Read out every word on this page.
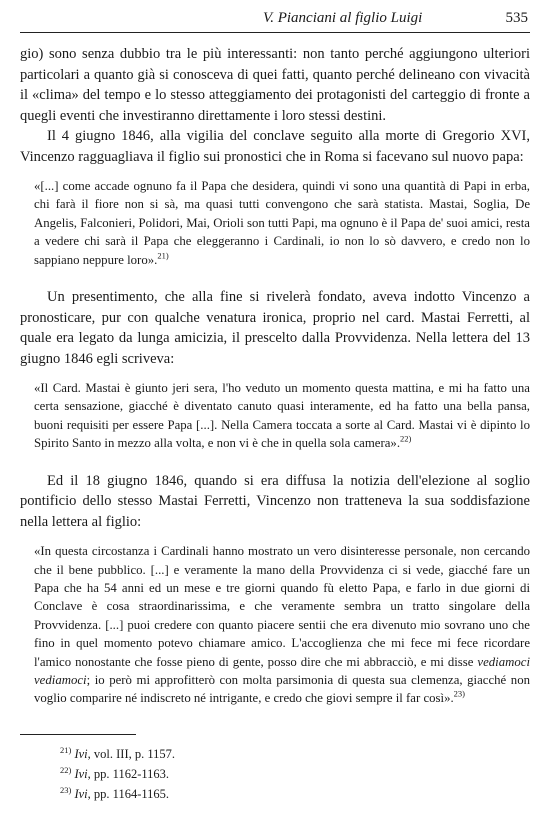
V. Pianciani al figlio Luigi	535

gio) sono senza dubbio tra le più interessanti: non tanto perché aggiungono ulteriori particolari a quanto già si conosceva di quei fatti, quanto perché delineano con vivacità il «clima» del tempo e lo stesso atteggiamento dei protagonisti del carteggio di fronte a quegli eventi che investiranno direttamente i loro stessi destini.

Il 4 giugno 1846, alla vigilia del conclave seguito alla morte di Gregorio XVI, Vincenzo ragguagliava il figlio sui pronostici che in Roma si facevano sul nuovo papa:

«[...] come accade ognuno fa il Papa che desidera, quindi vi sono una quantità di Papi in erba, chi farà il fiore non si sà, ma quasi tutti convengono che sarà statista. Mastai, Soglia, De Angelis, Falconieri, Polidori, Mai, Orioli son tutti Papi, ma ognuno è il Papa de' suoi amici, resta a vedere chi sarà il Papa che eleggeranno i Cardinali, io non lo sò davvero, e credo non lo sappiano neppure loro».$^{21)}$

Un presentimento, che alla fine si rivelerà fondato, aveva indotto Vincenzo a pronosticare, pur con qualche venatura ironica, proprio nel card. Mastai Ferretti, al quale era legato da lunga amicizia, il prescelto dalla Provvidenza. Nella lettera del 13 giugno 1846 egli scriveva:

«Il Card. Mastai è giunto jeri sera, l'ho veduto un momento questa mattina, e mi ha fatto una certa sensazione, giacché è diventato canuto quasi interamente, ed ha fatto una bella pansa, buoni requisiti per essere Papa [...]. Nella Camera toccata a sorte al Card. Mastai vi è dipinto lo Spirito Santo in mezzo alla volta, e non vi è che in quella sola camera».$^{22)}$

Ed il 18 giugno 1846, quando si era diffusa la notizia dell'elezione al soglio pontificio dello stesso Mastai Ferretti, Vincenzo non tratteneva la sua soddisfazione nella lettera al figlio:

«In questa circostanza i Cardinali hanno mostrato un vero disinteresse personale, non cercando che il bene pubblico. [...] e veramente la mano della Provvidenza ci si vede, giacché fare un Papa che ha 54 anni ed un mese e tre giorni quando fù eletto Papa, e farlo in due giorni di Conclave è cosa straordinarissima, e che veramente sembra un tratto singolare della Provvidenza. [...] puoi credere con quanto piacere sentii che era divenuto mio sovrano uno che fino in quel momento potevo chiamare amico. L'accoglienza che mi fece mi fece ricordare l'amico nonostante che fosse pieno di gente, posso dire che mi abbracciò, e mi disse vediamoci vediamoci; io però mi approfitterò con molta parsimonia di questa sua clemenza, giacché non voglio comparire né indiscreto né intrigante, e credo che giovi sempre il far così».$^{23)}$
$^{21)}$ Ivi, vol. III, p. 1157.
$^{22)}$ Ivi, pp. 1162-1163.
$^{23)}$ Ivi, pp. 1164-1165.
